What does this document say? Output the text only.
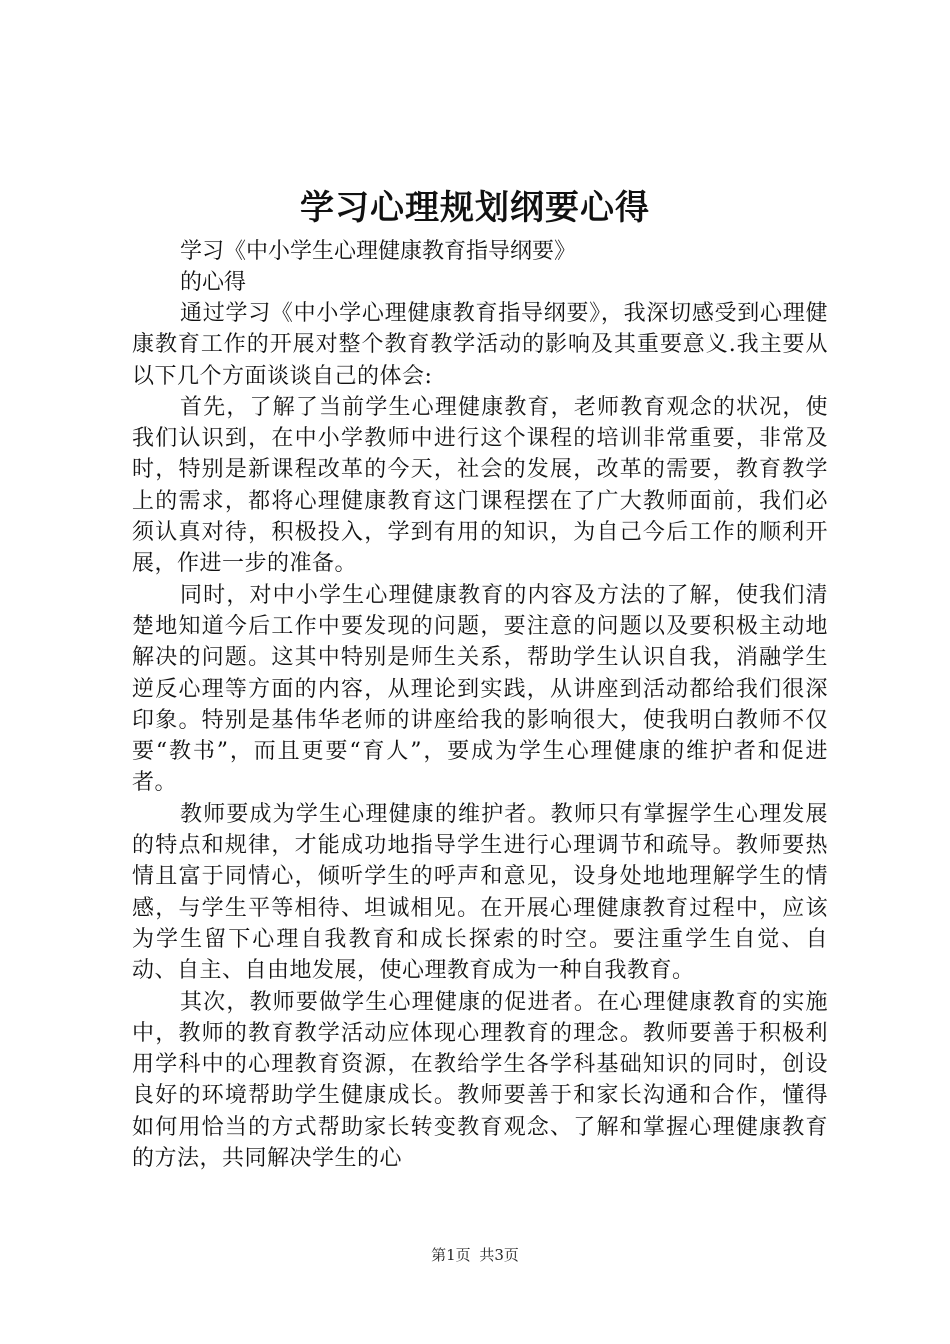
学习心理规划纲要心得

学习《中小学生心理健康教育指导纲要》

的心得

通过学习《中小学心理健康教育指导纲要》，我深切感受到心理健康教育工作的开展对整个教育教学活动的影响及其重要意义.我主要从以下几个方面谈谈自己的体会:

首先，了解了当前学生心理健康教育，老师教育观念的状况，使我们认识到，在中小学教师中进行这个课程的培训非常重要，非常及时，特别是新课程改革的今天，社会的发展，改革的需要，教育教学上的需求，都将心理健康教育这门课程摆在了广大教师面前，我们必须认真对待，积极投入，学到有用的知识，为自己今后工作的顺利开展，作进一步的准备。

同时，对中小学生心理健康教育的内容及方法的了解，使我们清楚地知道今后工作中要发现的问题，要注意的问题以及要积极主动地解决的问题。这其中特别是师生关系，帮助学生认识自我，消融学生逆反心理等方面的内容，从理论到实践，从讲座到活动都给我们很深印象。特别是基伟华老师的讲座给我的影响很大，使我明白教师不仅要“教书”，而且更要“育人”，要成为学生心理健康的维护者和促进者。

教师要成为学生心理健康的维护者。教师只有掌握学生心理发展的特点和规律，才能成功地指导学生进行心理调节和疏导。教师要热情且富于同情心，倾听学生的呼声和意见，设身处地地理解学生的情感，与学生平等相待、坦诚相见。在开展心理健康教育过程中，应该为学生留下心理自我教育和成长探索的时空。要注重学生自觉、自动、自主、自由地发展，使心理教育成为一种自我教育。

其次，教师要做学生心理健康的促进者。在心理健康教育的实施中，教师的教育教学活动应体现心理教育的理念。教师要善于积极利用学科中的心理教育资源，在教给学生各学科基础知识的同时，创设良好的环境帮助学生健康成长。教师要善于和家长沟通和合作，懂得如何用恰当的方式帮助家长转变教育观念、了解和掌握心理健康教育的方法，共同解决学生的心

第1页 共3页
